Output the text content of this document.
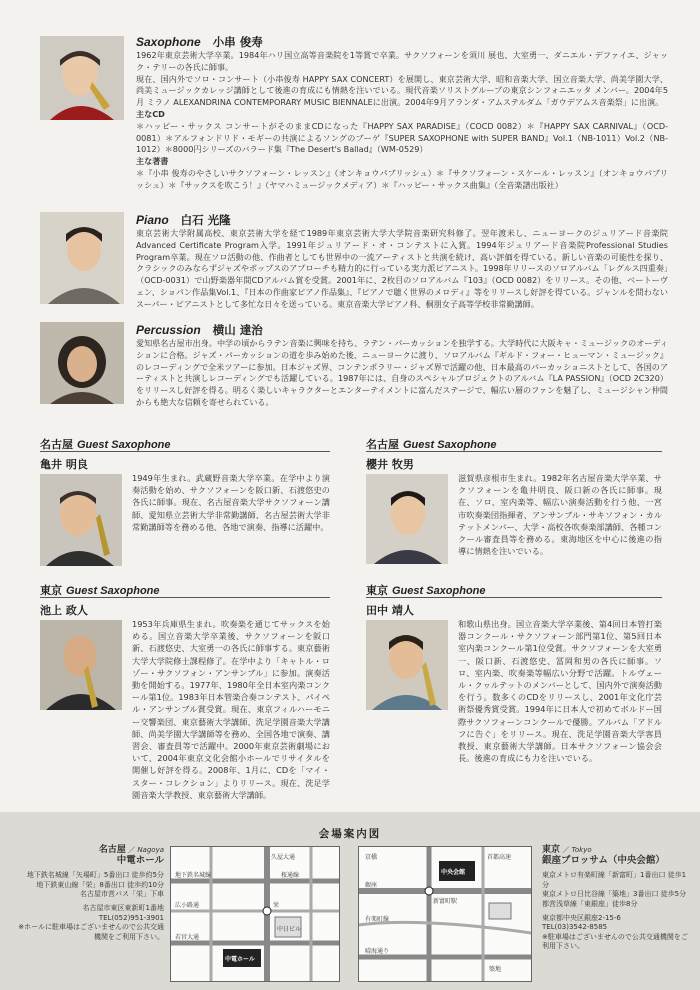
Saxophone 小串 俊寿
1962年東京芸術大学卒業。1984年ハリ国立高等音楽院を1等賞で卒業。サクソフォーンを須川 展也、大室勇一、ダニエル・デファイエ、ジャック・テリーの各氏に師事。
現在、国内外でソロ・コンサート（小串俊寿 HAPPY SAX CONCERT）を展開し、東京芸術大学、昭和音楽大学、国立音楽大学、尚美学園大学、尚美ミュージックカレッジ講師として後進の育成にも情熱を注いでいる。現代音楽ソリストグループの東京シンフォニエッタ メンバー。2004年5月 ミラノ ALEXANDRINA CONTEMPORARY MUSIC BIENNALEに出演。2004年9月アランダ・アムステルダム「ガウデアムス音楽祭」に出演。
主なCD
＊ハッピー・サックス コンサートがそのままCDになった『HAPPY SAX PARADISE』（COCD 0082）＊『HAPPY SAX CARNIVAL』（OCD-0081）＊アルフォンドリド・モギーの共演によるソングのブーゲ『SUPER SAXOPHONE with SUPER BAND』Vol.1（NB-1011）Vol.2（NB-1012）＊8000円シリーズのバラード集『The Desert's Ballad』（WM-0529）
主な著書
＊『小串 俊寿のやさしいサクソフォーン・レッスン』（オンキョウパブリッシュ）＊『サクソフォーン・スケール・レッスン』（オンキョウパブリッシュ）＊『サックスを吹こう！』（ヤマハミュージックメディア）＊『ハッピー・サックス曲集』（全音楽譜出版社）
Piano 白石 光隆
東京芸術大学附属高校、東京芸術大学を経て1989年東京芸術大学大学院音楽研究科修了。翌年渡米し、ニューヨークのジュリアード音楽院Advanced Certificate Program入学。1991年ジュリアード・オ・コンテストに入賞。1994年ジュリアード音楽院Professional Studies Program卒業。現在ソロ活動の他、作曲者としても世界中の一流アーティストと共演を続け、高い評価を得ている。新しい音楽の可能性を探り、クラシックのみならずジャズやポップスのアプローチも精力的に行っている実力派ピアニスト。1998年リリースのソロアルバム「レグルス四重奏」（OCD-0031）で山野楽器年間CDアルバム賞を受賞。2001年に、2枚目のソロアルバム『103』（OCD 0082）をリリース。その他、ベートーヴェン、ショパン作品集Vol.1、『日本の作曲家ピアノ作品集』、『ピアノで聴く世界のメロディ』等をリリースし好評を得ている。ジャンルを問わないスーパー・ピアニストとして多忙な日々を送っている。東京音楽大学ピアノ科、桐朋女子高等学校非常勤講師。
Percussion 横山 達治
愛知県名古屋市出身。中学の頃からラテン音楽に興味を持ち、ラテン・パーカッションを独学する。大学時代に大阪キャ・ミュージックのオーディションに合格。ジャズ・パーカッションの道を歩み始めた後、ニューヨークに渡り、ソロアルバム『ギルド・フォー・ヒューマン・ミュージック』のレコーディングで全米ツアーに参加。日本ジャズ界、コンテンポラリー・ジャズ界で活躍の他、日本最高のパーカッショニストとして、各国のアーティストと共演しレコーディングでも活躍している。1987年には、自身のスペシャルプロジェクトのアルバム『LA PASSION』（OCD 2C320）をリリースし好評を得る。明るく楽しいキャラクターとエンターテイメントに富んだステージで、幅広い層のファンを魅了し、ミュージシャン仲間からも絶大な信頼を寄せられている。
名古屋 Guest Saxophone
亀井 明良
1949年生まれ。武蔵野音楽大学卒業。在学中より演奏活動を始め、サクソフォーンを阪口新、石渡悠史の各氏に師事。現在、名古屋音楽大学サクソフォーン講師、愛知県立芸術大学非常勤講師、名古屋芸術大学非常勤講師等を務める他、各地で演奏、指導に活躍中。
名古屋 Guest Saxophone
櫻井 牧男
滋賀県彦根市生まれ。1982年名古屋音楽大学卒業、サクソフォーンを亀井明良、阪口新の各氏に師事。現在、ソロ、室内楽等、幅広い演奏活動を行う他、一宮市吹奏楽団指揮者、アンサンブル・サキソフォン・カルテットメンバー、大学・高校各吹奏楽部講師、各種コンクール審査員等を務める。東海地区を中心に後進の指導に情熱を注いでいる。
東京 Guest Saxophone
池上 政人
1953年兵庫県生まれ。吹奏楽を通じてサックスを始める。国立音楽大学卒業後、サクソフォーンを阪口新、石渡悠史、大室勇一の各氏に師事する。東京藝術大学大学院修士課程修了。在学中より「キャトル・ロゾー・サクソフォン・アンサンブル」に参加。演奏活動を開始する。1977年、1980年全日本室内楽コンクール第1位。1983年日本管楽合奏コンテスト、パイペル・アンサンブル賞受賞。現在、東京フィルハーモニー交響楽団、東京藝術大学講師、洗足学園音楽大学講師、尚美学園大学講師等を務め、全国各地で演奏、講習会、審査員等で活躍中。2000年東京芸術劇場において、2004年東京文化会館小ホールでリサイタルを開催し好評を得る。2008年、1月に、CDを「マイ・スター・コレクション」よりリリース。現在、洗足学園音楽大学教授、東京藝術大学講師。
東京 Guest Saxophone
田中 靖人
和歌山県出身。国立音楽大学卒業後、第4回日本管打楽器コンクール・サクソフォーン部門第1位、第5回日本室内楽コンクール第1位受賞。サクソフォーンを大室勇一、阪口新、石渡悠史、冨岡和男の各氏に師事。ソロ、室内楽、吹奏楽等幅広い分野で活躍。トルヴェール・クヮルテットのメンバーとして、国内外で演奏活動を行う。数多くのCDをリリースし、2001年文化庁芸術祭優秀賞受賞。1994年に日本人で初めてボルドー国際サクソフォーンコンクールで優勝。アルバム「アドルフに告ぐ」をリリース。現在、洗足学園音楽大学客員教授、東京藝術大学講師。日本サクソフォーン協会会長。後進の育成にも力を注いでいる。
会場案内図
名古屋 ／ Nagoya
中電ホール
地下鉄名城線「矢場町」5番出口 徒歩約5分
地下鉄東山線「栄」8番出口 徒歩約10分
名古屋市営バス「栄」下車
名古屋市東区東新町1番地
TEL(052)951-3901
※ホールに駐車場はございませんので公共交通機関をご利用下さい。
地下鉄名城線	桜通線
久屋大通
栄
中日ビル
広小路通
若宮大通
中電ホール
中央会館
新富町駅
首都高速
銀座
京橋
築地
晴海通り
有楽町線
東京 ／ Tokyo
銀座ブロッサム（中央会館）
東京メトロ有楽町線「新富町」1番出口 徒歩1分
東京メトロ日比谷線「築地」3番出口 徒歩5分
都営浅草線「東銀座」徒歩8分
東京都中央区銀座2-15-6
TEL(03)3542-8585
※駐車場はございませんので公共交通機関をご利用下さい。
